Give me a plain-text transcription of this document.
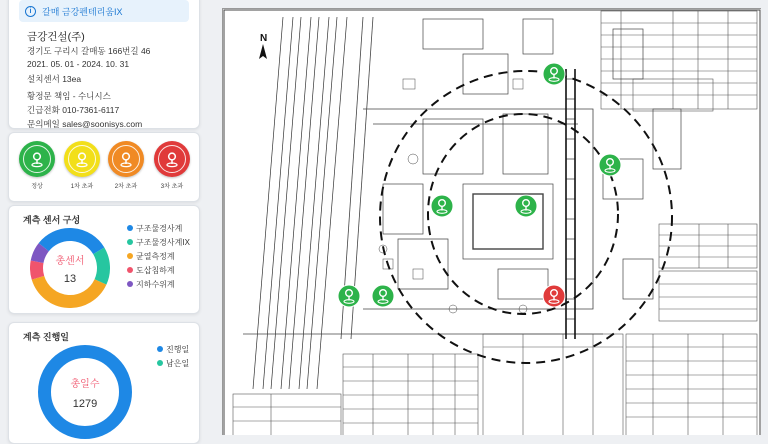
i	갈매 금강펜테리움IX
금강건설(주)
경기도 구리시 갈매동 166번길 46
2021. 05. 01 - 2024. 10. 31
설치센서 13ea
황정문 책임 - 수니시스
긴급전화 010-7361-6117
문의메일 sales@soonisys.com
정상	1차 초과	2차 초과	3차 초과
계측 센서 구성
총센서
13
구조물경사계
구조물경사계IX
균열측정계
도삽침하계
지하수위계
계측 진행일
총일수
1279
진행일
남은일
N
